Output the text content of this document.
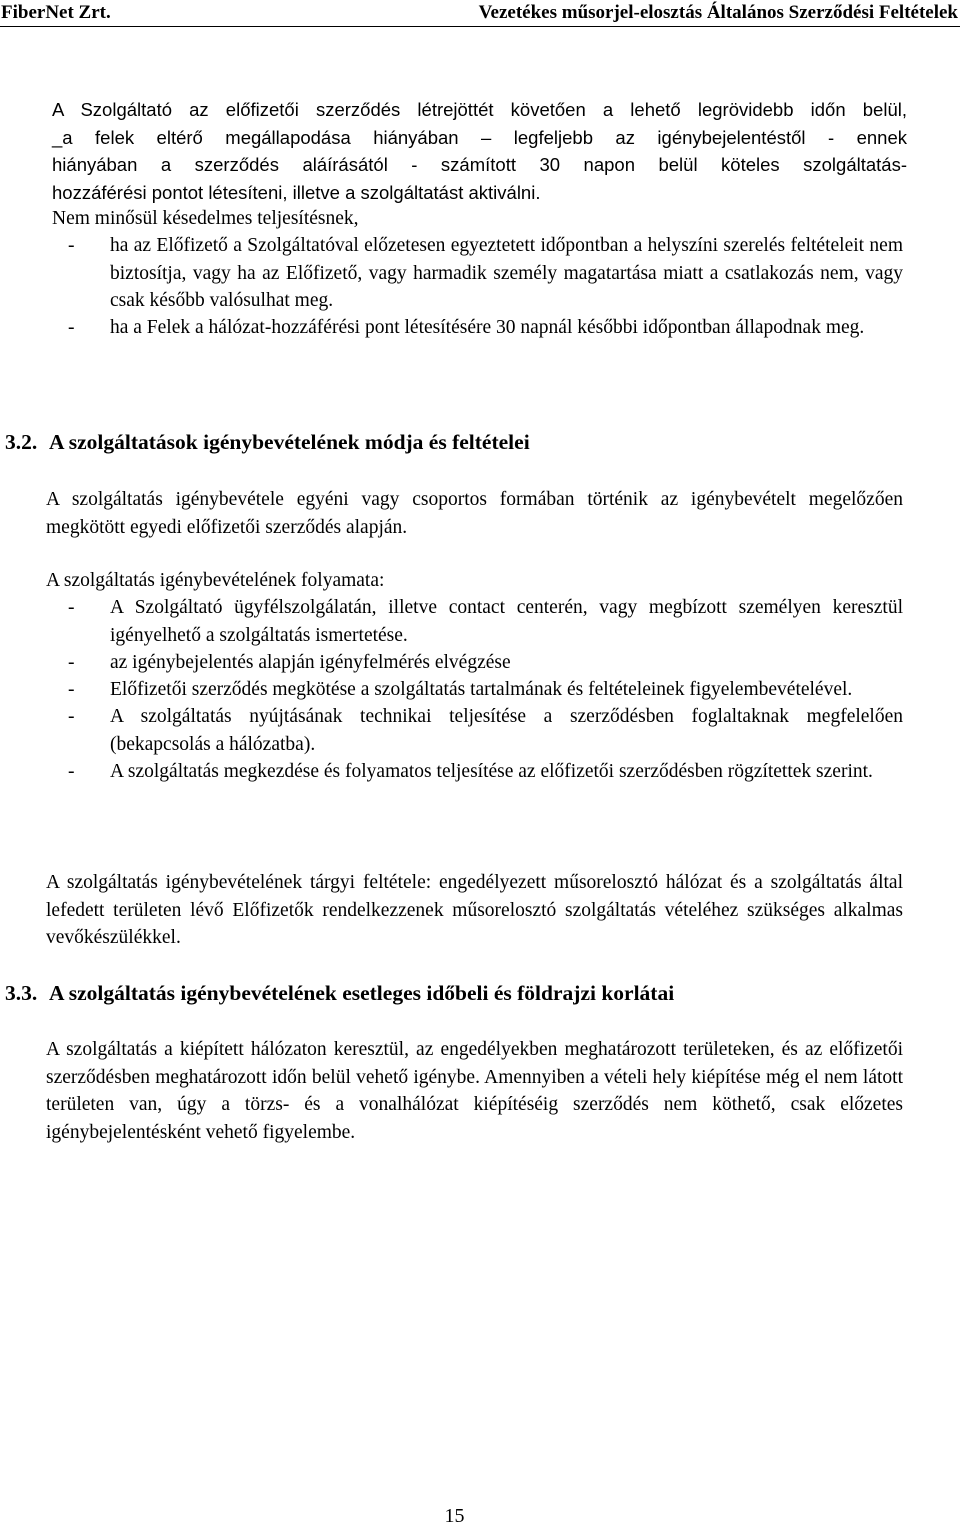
FiberNet Zrt.	Vezetékes műsorjel-elosztás Általános Szerződési Feltételek
A Szolgáltató az előfizetői szerződés létrejöttét követően a lehető legrövidebb időn belül,
_a felek eltérő megállapodása hiányában – legfeljebb az igénybejelentéstől - ennek
hiányában a szerződés aláírásától - számított 30 napon belül köteles szolgáltatás-
hozzáférési pontot létesíteni, illetve a szolgáltatást aktiválni.
Nem minősül késedelmes teljesítésnek,
- ha az Előfizető a Szolgáltatóval előzetesen egyeztetett időpontban a helyszíni szerelés feltételeit nem biztosítja, vagy ha az Előfizető, vagy harmadik személy magatartása miatt a csatlakozás nem, vagy csak később valósulhat meg.
- ha a Felek a hálózat-hozzáférési pont létesítésére 30 napnál későbbi időpontban állapodnak meg.
3.2. A szolgáltatások igénybevételének módja és feltételei
A szolgáltatás igénybevétele egyéni vagy csoportos formában történik az igénybevételt megelőzően megkötött egyedi előfizetői szerződés alapján.
A szolgáltatás igénybevételének folyamata:
- A Szolgáltató ügyfélszolgálatán, illetve contact centerén, vagy megbízott személyen keresztül igényelhető a szolgáltatás ismertetése.
- az igénybejelentés alapján igényfelmérés elvégzése
- Előfizetői szerződés megkötése a szolgáltatás tartalmának és feltételeinek figyelembevételével.
- A szolgáltatás nyújtásának technikai teljesítése a szerződésben foglaltaknak megfelelően (bekapcsolás a hálózatba).
- A szolgáltatás megkezdése és folyamatos teljesítése az előfizetői szerződésben rögzítettek szerint.
A szolgáltatás igénybevételének tárgyi feltétele: engedélyezett műsorelosztó hálózat és a szolgáltatás által lefedett területen lévő Előfizetők rendelkezzenek műsorelosztó szolgáltatás vételéhez szükséges alkalmas vevőkészülékkel.
3.3. A szolgáltatás igénybevételének esetleges időbeli és földrajzi korlátai
A szolgáltatás a kiépített hálózaton keresztül, az engedélyekben meghatározott területeken, és az előfizetői szerződésben meghatározott időn belül vehető igénybe. Amennyiben a vételi hely kiépítése még el nem látott területen van, úgy a törzs- és a vonalhálózat kiépítéséig szerződés nem köthető, csak előzetes igénybejelentésként vehető figyelembe.
15
